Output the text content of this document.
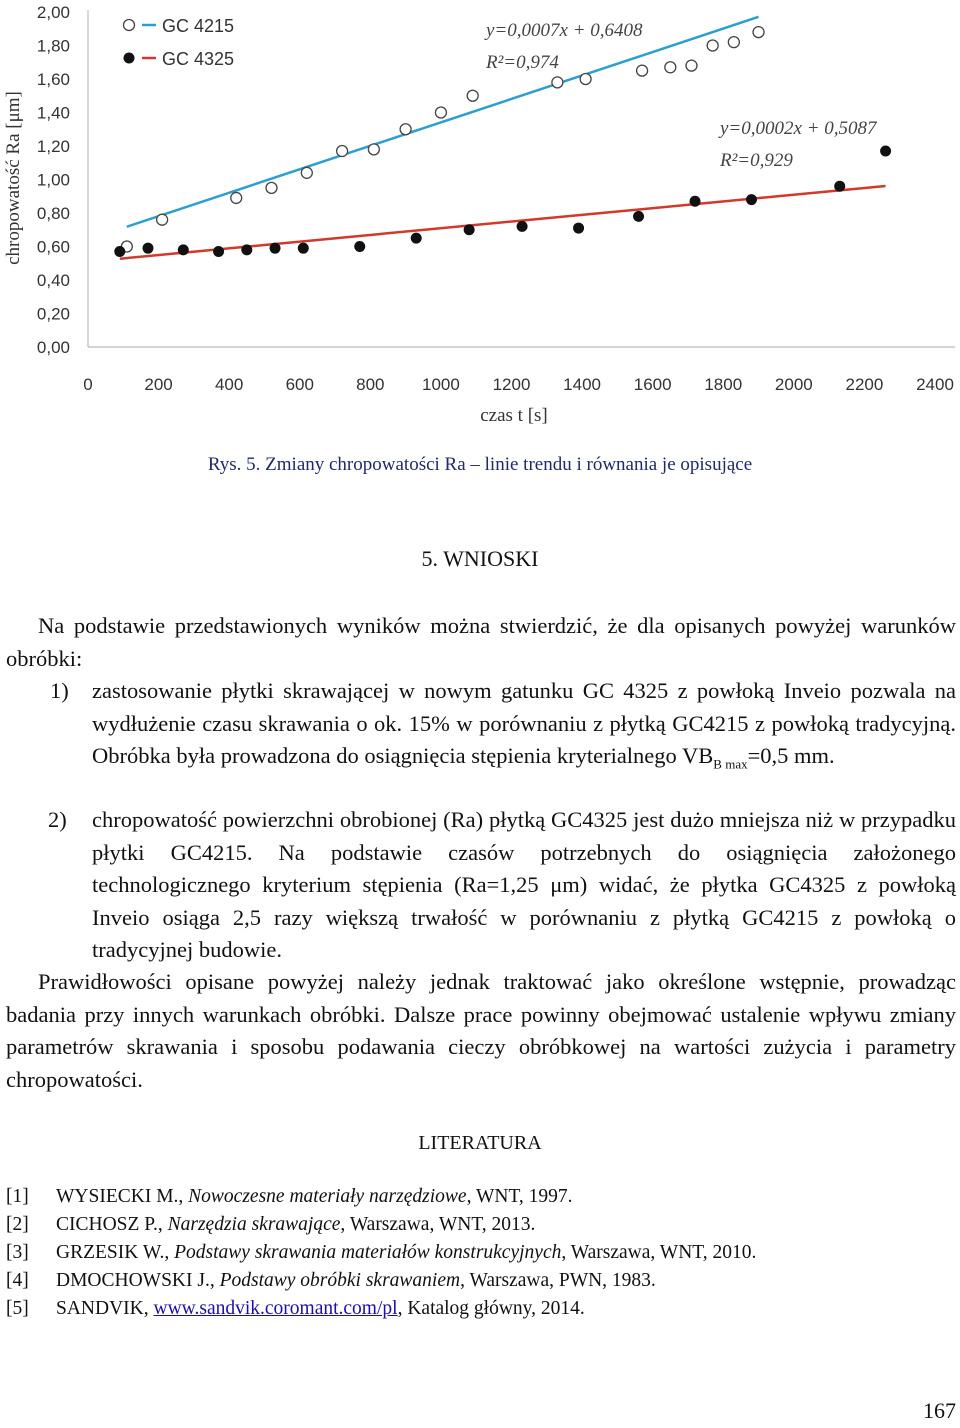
0,00
0,20
0,40
0,60
0,80
1,00
1,20
1,40
1,60
1,80
2,00
0	200 400 600 800 1000 1200 1400 1600 1800 2000 2200 2400
czas t [s]
chropowatość Ra [μm]
GC 4215
GC 4325
y=0,0007x + 0,6408
R²=0,974
y=0,0002x + 0,5087
R²=0,929
Rys. 5. Zmiany chropowatości Ra – linie trendu i równania je opisujące
5. WNIOSKI
Na podstawie przedstawionych wyników można stwierdzić, że dla opisanych powyżej warunków obróbki:
1) zastosowanie płytki skrawającej w nowym gatunku GC 4325 z powłoką Inveio pozwala na wydłużenie czasu skrawania o ok. 15% w porównaniu z płytką GC4215 z powłoką tradycyjną. Obróbka była prowadzona do osiągnięcia stępienia kryterialnego $VB_{B max}=0,5$ mm.
2) chropowatość powierzchni obrobionej (Ra) płytką GC4325 jest dużo mniejsza niż w przypadku płytki GC4215. Na podstawie czasów potrzebnych do osiągnięcia założonego technologicznego kryterium stępienia (Ra=1,25 μm) widać, że płytka GC4325 z powłoką Inveio osiąga 2,5 razy większą trwałość w porównaniu z płytką GC4215 z powłoką o tradycyjnej budowie.
Prawidłowości opisane powyżej należy jednak traktować jako określone wstępnie, prowadząc badania przy innych warunkach obróbki. Dalsze prace powinny obejmować ustalenie wpływu zmiany parametrów skrawania i sposobu podawania cieczy obróbkowej na wartości zużycia i parametry chropowatości.
LITERATURA
[1] WYSIECKI M., Nowoczesne materiały narzędziowe, WNT, 1997.
[2] CICHOSZ P., Narzędzia skrawające, Warszawa, WNT, 2013.
[3] GRZESIK W., Podstawy skrawania materiałów konstrukcyjnych, Warszawa, WNT, 2010.
[4] DMOCHOWSKI J., Podstawy obróbki skrawaniem, Warszawa, PWN, 1983.
[5] SANDVIK, www.sandvik.coromant.com/pl, Katalog główny, 2014.
167
